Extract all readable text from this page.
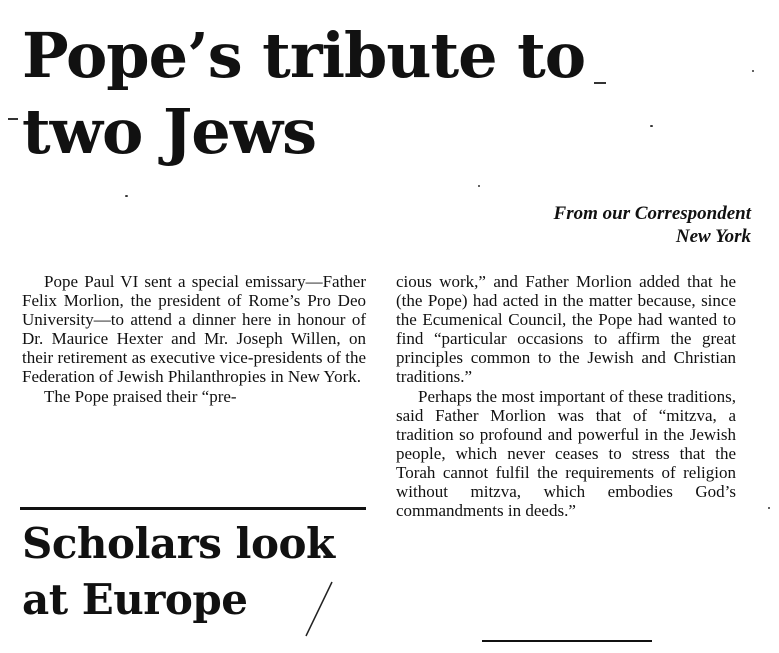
Pope’s tribute to
two Jews
From our Correspondent
New York

Pope Paul VI sent a special emissary—Father Felix Morlion, the president of Rome’s Pro Deo University—to attend a dinner here in honour of Dr. Maurice Hexter and Mr. Joseph Willen, on their retirement as executive vice-presidents of the Federation of Jewish Philanthropies in New York.

The Pope praised their “pre-

cious work,” and Father Morlion added that he (the Pope) had acted in the matter because, since the Ecumenical Council, the Pope had wanted to find “particular occasions to affirm the great principles common to the Jewish and Christian traditions.”

Perhaps the most important of these traditions, said Father Morlion was that of “mitzva, a tradition so profound and powerful in the Jewish people, which never ceases to stress that the Torah cannot fulfil the requirements of religion without mitzva, which embodies God’s commandments in deeds.”

Scholars look
at Europe
